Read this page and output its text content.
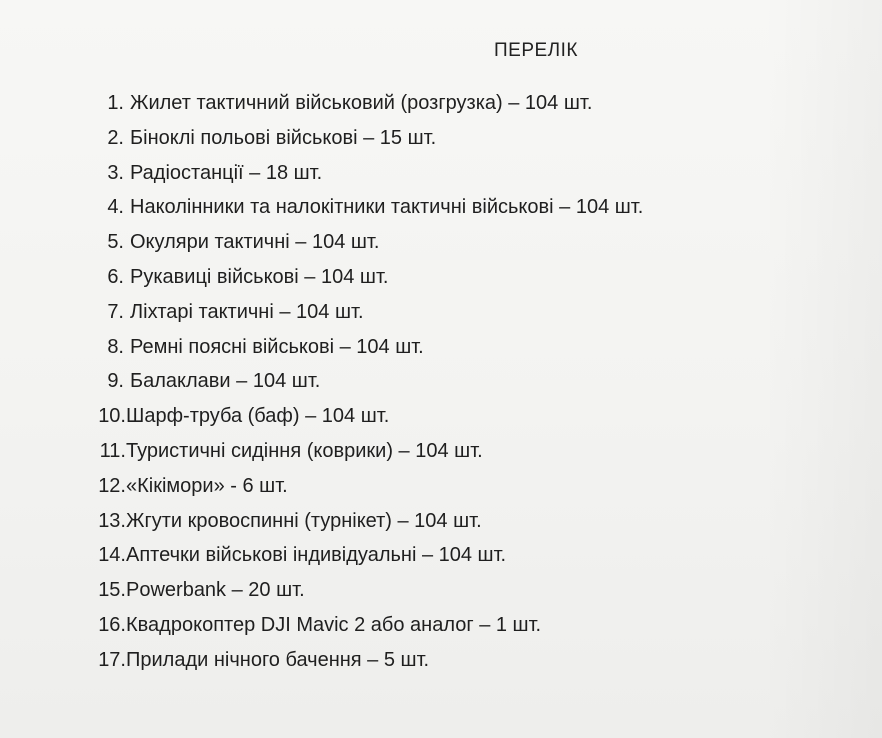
ПЕРЕЛІК
1. Жилет тактичний військовий (розгрузка) – 104 шт.
2. Біноклі польові військові – 15 шт.
3. Радіостанції – 18 шт.
4. Наколінники та налокітники тактичні військові – 104 шт.
5. Окуляри тактичні – 104 шт.
6. Рукавиці військові – 104 шт.
7. Ліхтарі тактичні – 104 шт.
8. Ремні поясні військові – 104 шт.
9. Балаклави – 104 шт.
10. Шарф-труба (баф) – 104 шт.
11. Туристичні сидіння (коврики) – 104 шт.
12. «Кікімори» - 6 шт.
13. Жгути кровоспинні (турнікет) – 104 шт.
14. Аптечки військові індивідуальні – 104 шт.
15. Powerbank – 20 шт.
16. Квадрокоптер DJI Mavic 2 або аналог – 1 шт.
17. Прилади нічного бачення – 5 шт.
